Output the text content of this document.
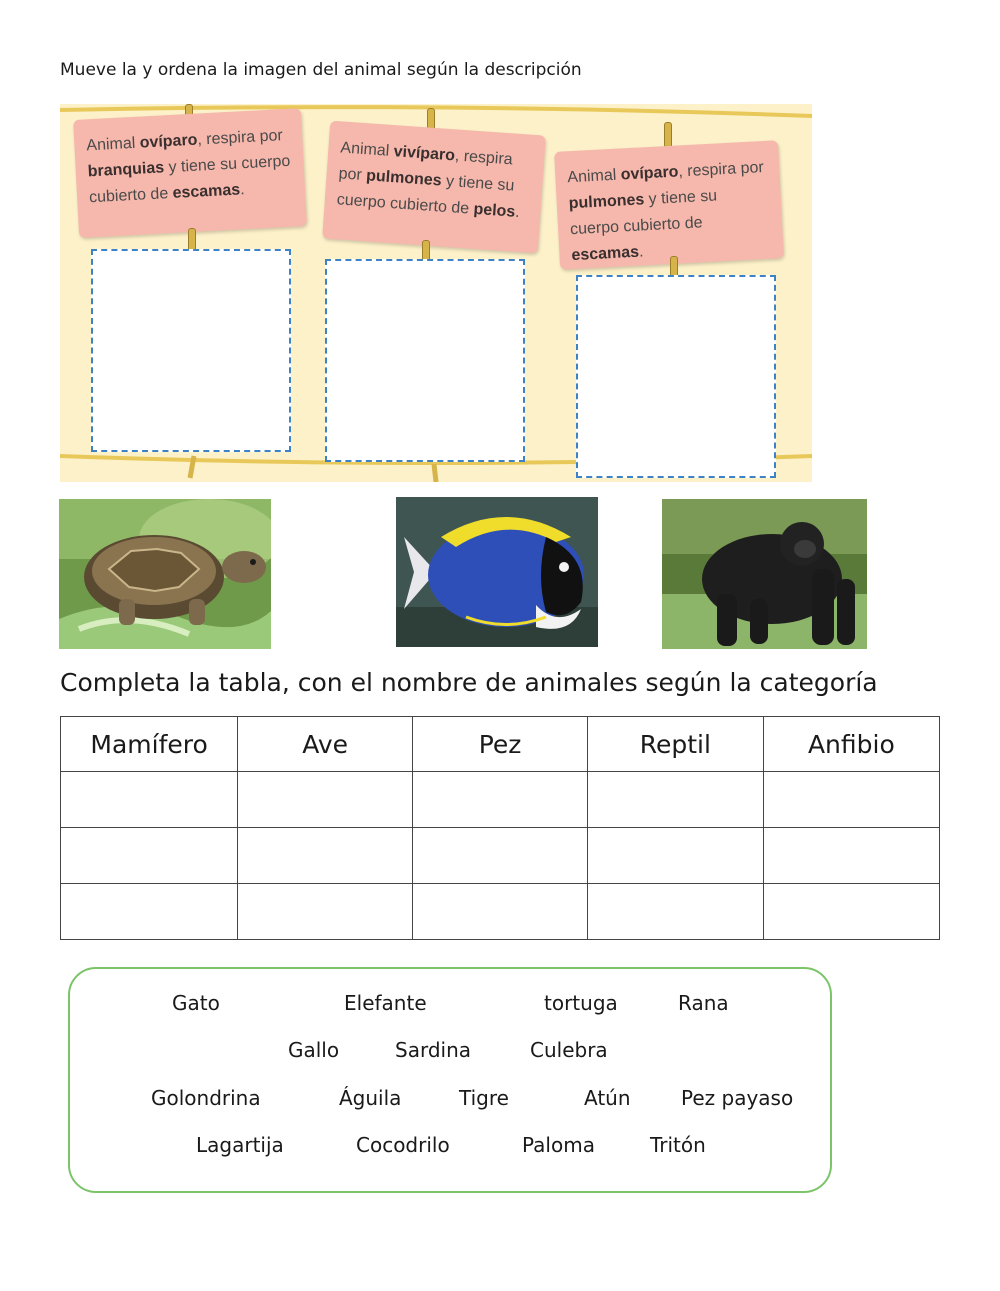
Mueve la y ordena la imagen del animal según la descripción
Animal ovíparo, respira por branquias y tiene su cuerpo cubierto de escamas.
Animal vivíparo, respira por pulmones y tiene su cuerpo cubierto de pelos.
Animal ovíparo, respira por pulmones y tiene su cuerpo cubierto de escamas.
Completa la tabla, con el nombre de animales según la categoría
Mamífero	Ave	Pez	Reptil	Anfibio

Gato	Elefante	tortuga	Rana
Gallo	Sardina	Culebra
Golondrina	Águila	Tigre	Atún	Pez payaso
Lagartija	Cocodrilo	Paloma	Tritón
